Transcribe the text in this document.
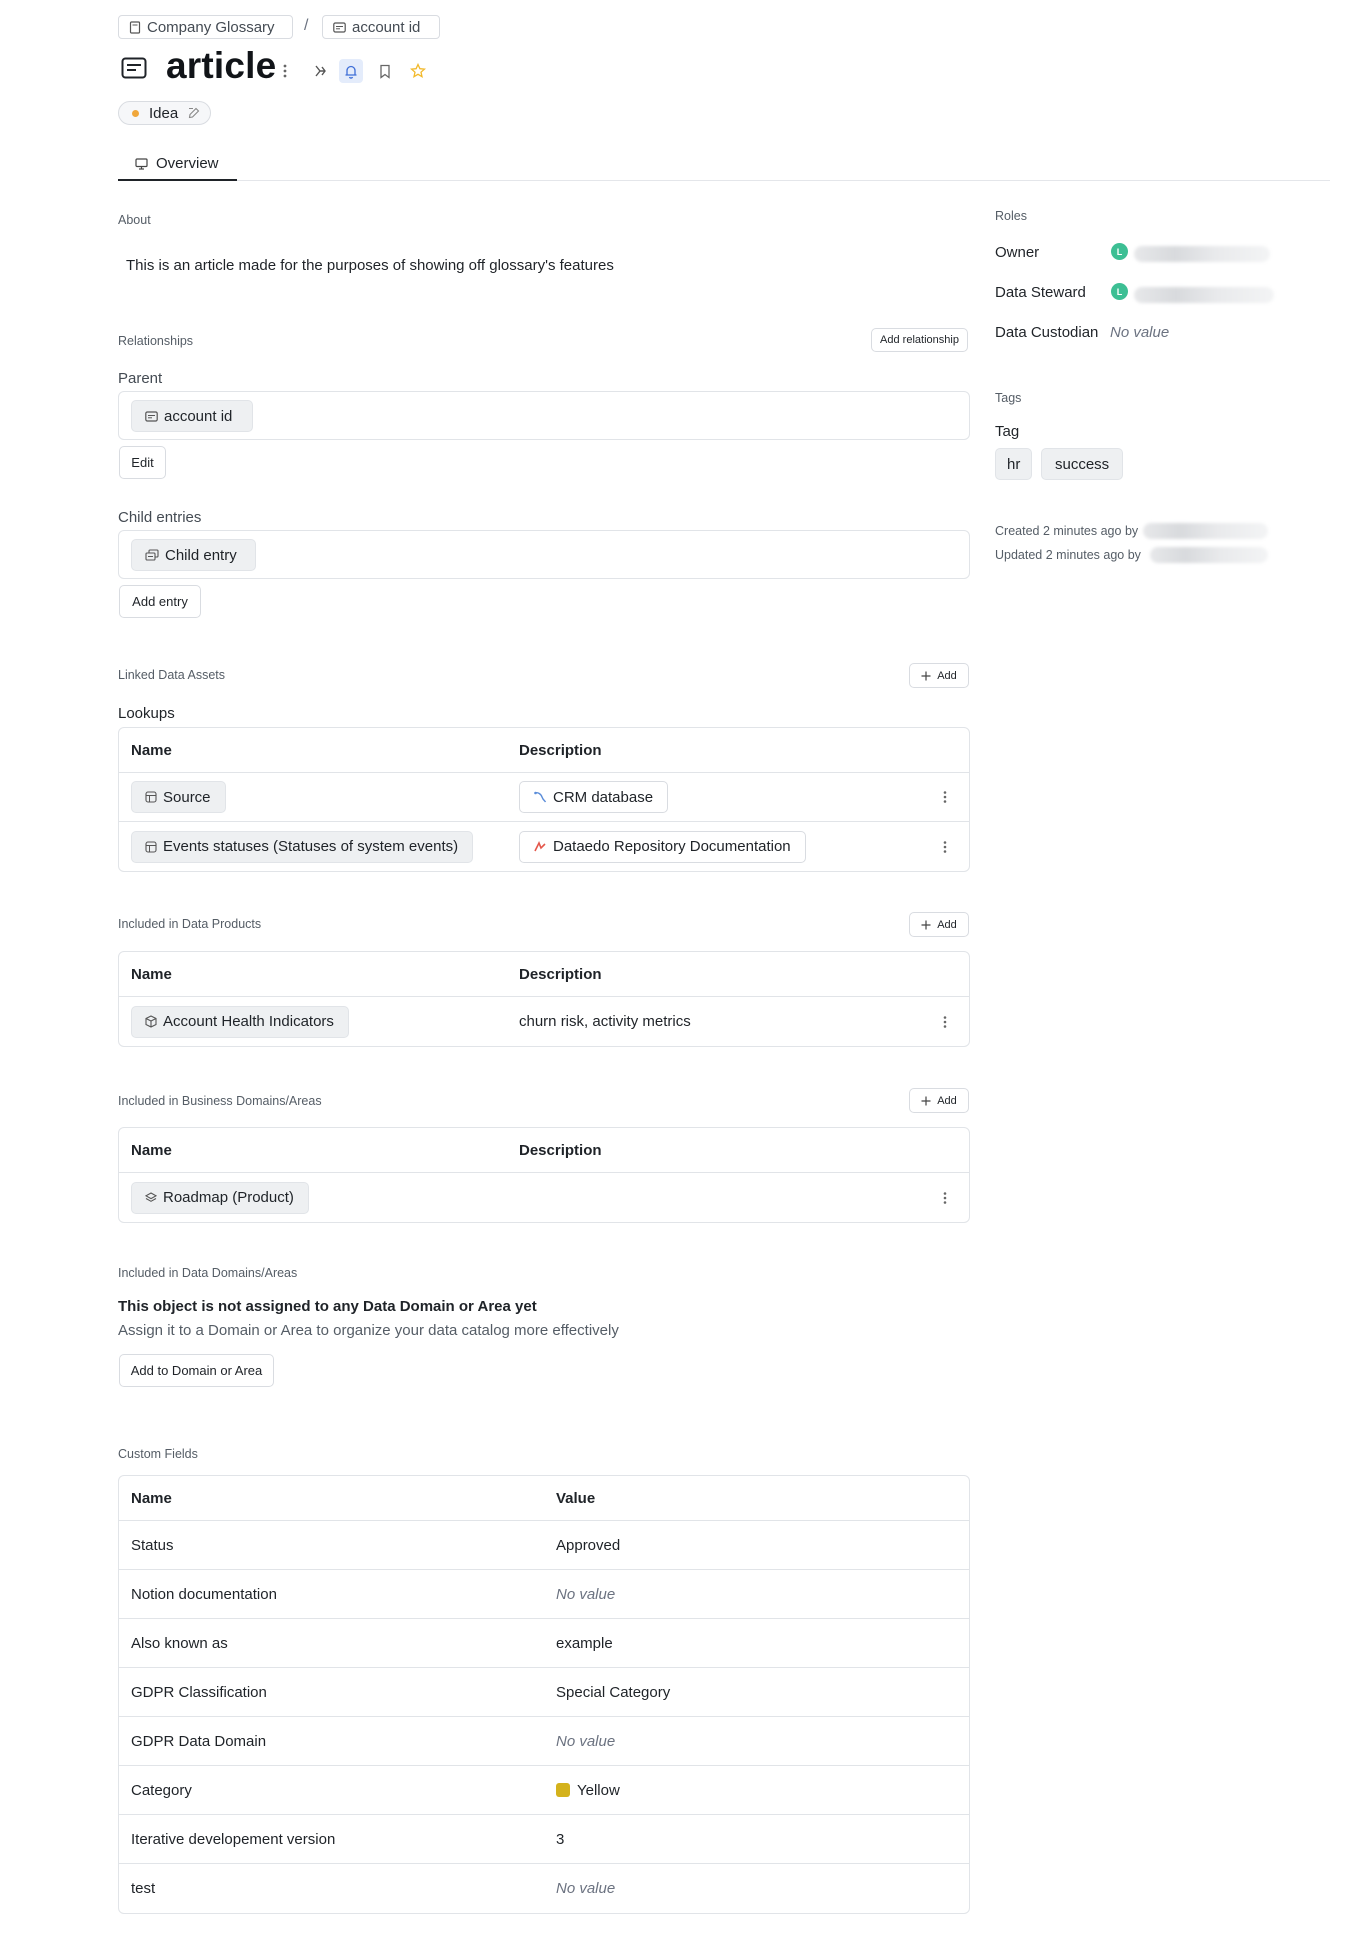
Company Glossary /	account id
article
Idea
Overview
About
This is an article made for the purposes of showing off glossary's features
Relationships	Add relationship
Parent
account id
Edit
Child entries
Child entry
Add entry
Linked Data Assets	Add
Lookups
Name	Description
Source	CRM database
Events statuses (Statuses of system events)	Dataedo Repository Documentation
Included in Data Products	Add
Name	Description
Account Health Indicators	churn risk, activity metrics
Included in Business Domains/Areas	Add
Name	Description
Roadmap (Product)
Included in Data Domains/Areas
This object is not assigned to any Data Domain or Area yet
Assign it to a Domain or Area to organize your data catalog more effectively
Add to Domain or Area
Custom Fields
Name	Value
Status	Approved
Notion documentation	No value
Also known as	example
GDPR Classification	Special Category
GDPR Data Domain	No value
Category	Yellow
Iterative developement version	3
test	No value
Roles
Owner	L
Data Steward	L
Data Custodian No value
Tags
Tag
hr	success
Created 2 minutes ago by
Updated 2 minutes ago by
